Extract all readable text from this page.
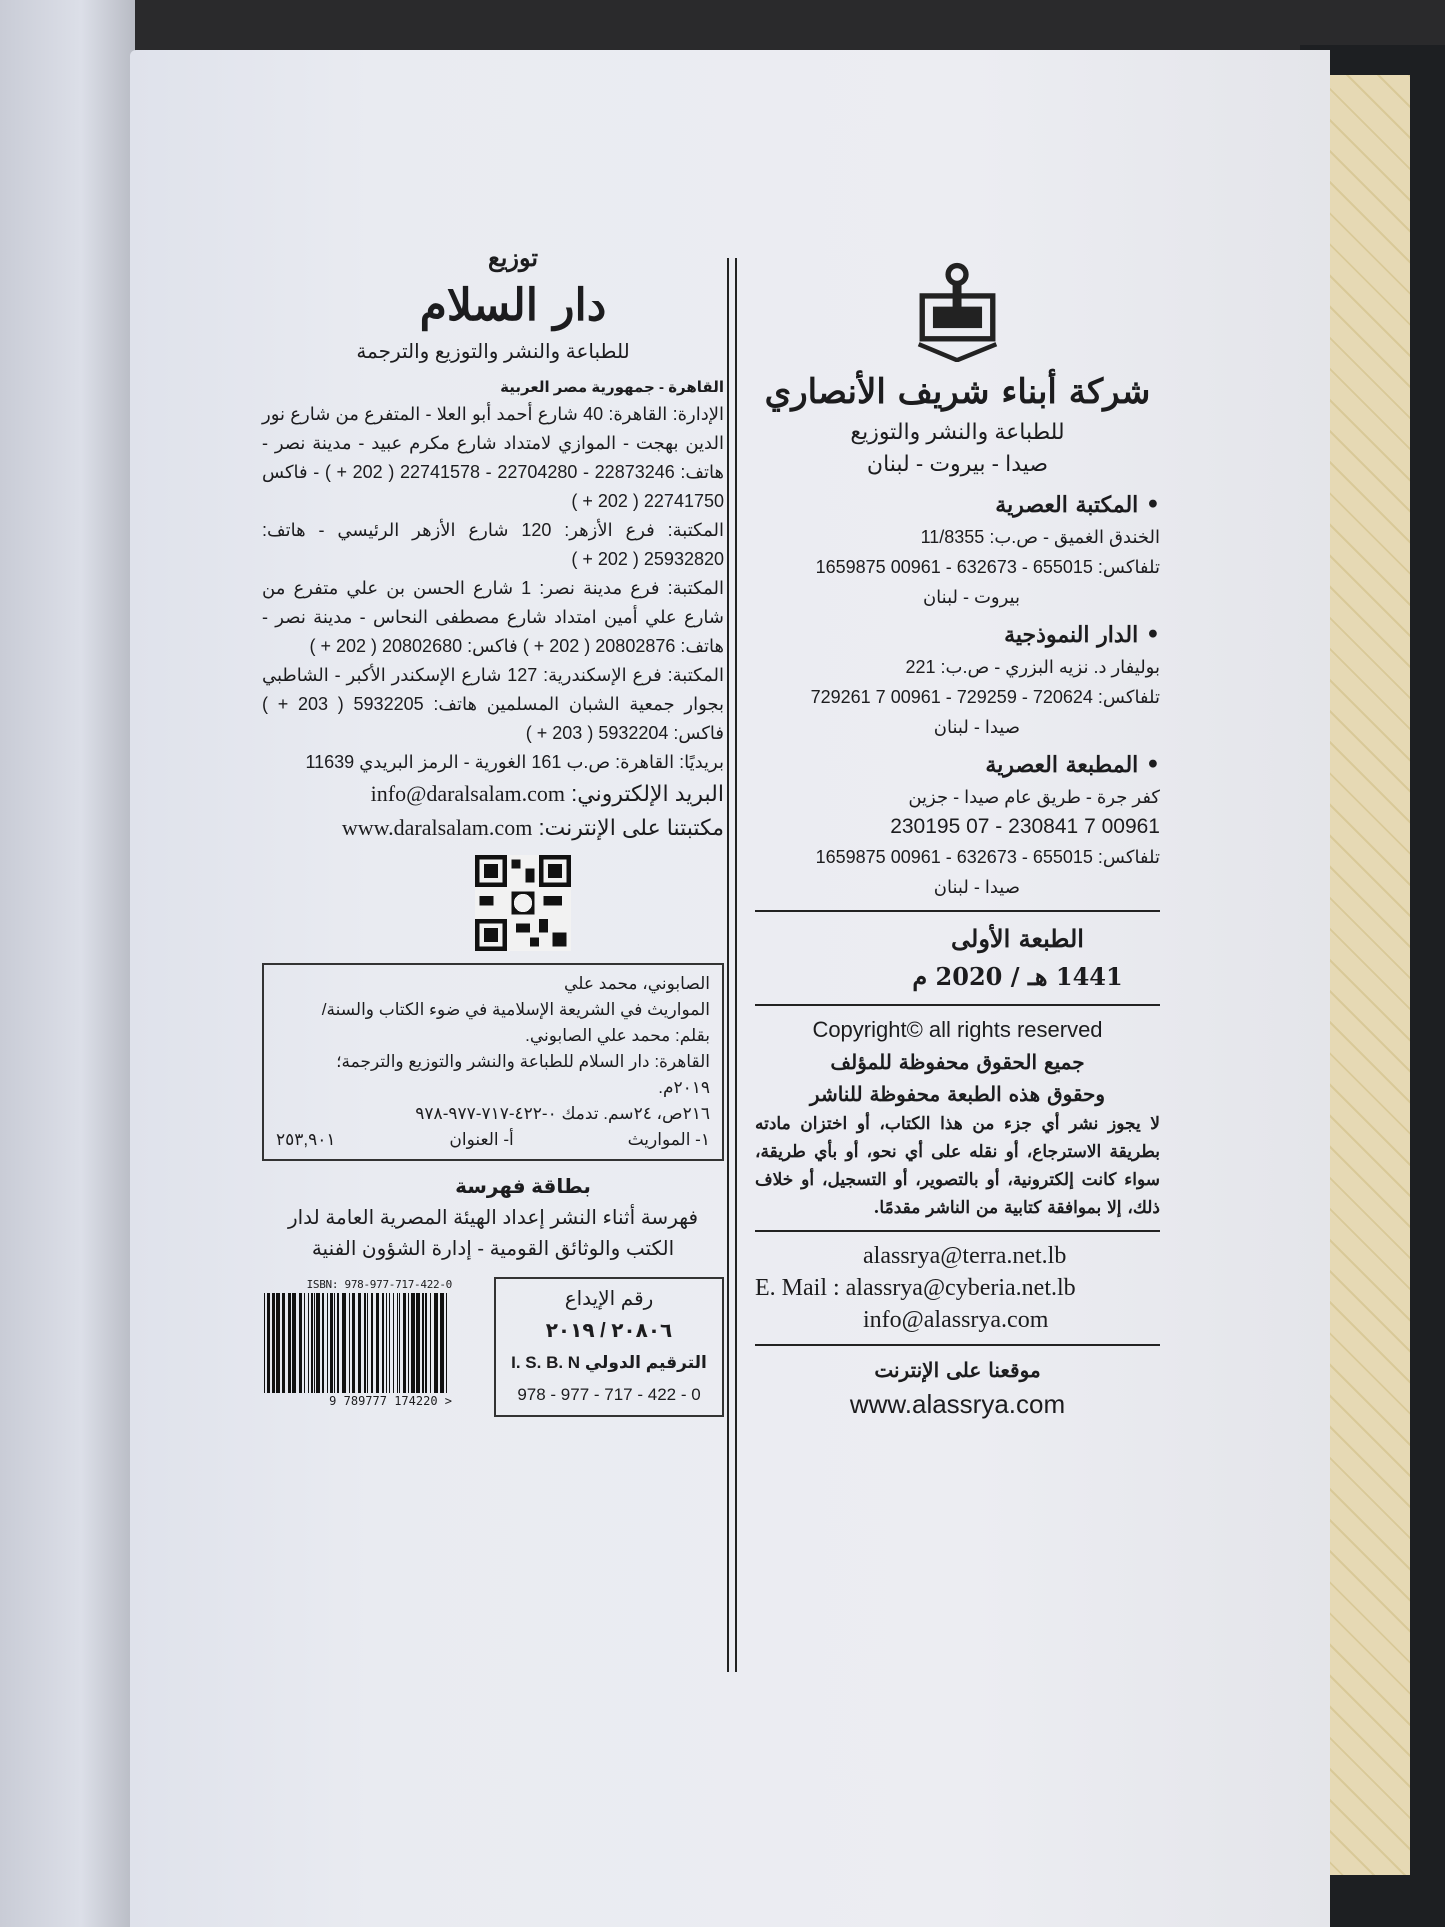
شركة أبناء شريف الأنصاري
للطباعة والنشر والتوزيع
صيدا - بيروت - لبنان
• المكتبة العصرية
الخندق الغميق - ص.ب: 11/8355
تلفاكس: 655015 - 632673 - 00961 1659875
بيروت - لبنان
• الدار النموذجية
بوليفار د. نزيه البزري - ص.ب: 221
تلفاكس: 720624 - 729259 - 00961 7 729261
صيدا - لبنان
• المطبعة العصرية
كفر جرة - طريق عام صيدا - جزين
00961 7 230841 - 07 230195
تلفاكس: 655015 - 632673 - 00961 1659875
صيدا - لبنان
الطبعة الأولى
1441 هـ / 2020 م
Copyright© all rights reserved
جميع الحقوق محفوظة للمؤلف
وحقوق هذه الطبعة محفوظة للناشر
لا يجوز نشر أي جزء من هذا الكتاب، أو اختزان مادته بطريقة الاسترجاع، أو نقله على أي نحو، أو بأي طريقة، سواء كانت إلكترونية، أو بالتصوير، أو التسجيل، أو خلاف ذلك، إلا بموافقة كتابية من الناشر مقدمًا.
alassrya@terra.net.lb
E. Mail : alassrya@cyberia.net.lb
info@alassrya.com
موقعنا على الإنترنت
www.alassrya.com
توزيع
دار السلام
للطباعة والنشر والتوزيع والترجمة
القاهرة - جمهورية مصر العربية
الإدارة: القاهرة: 40 شارع أحمد أبو العلا - المتفرع من شارع نور الدين بهجت - الموازي لامتداد شارع مكرم عبيد - مدينة نصر - هاتف: 22873246 - 22704280 - 22741578 ( 202 + ) - فاكس 22741750 ( 202 + )
المكتبة: فرع الأزهر: 120 شارع الأزهر الرئيسي - هاتف: 25932820 ( 202 + )
المكتبة: فرع مدينة نصر: 1 شارع الحسن بن علي متفرع من شارع علي أمين امتداد شارع مصطفى النحاس - مدينة نصر - هاتف: 20802876 ( 202 + ) فاكس: 20802680 ( 202 + )
المكتبة: فرع الإسكندرية: 127 شارع الإسكندر الأكبر - الشاطبي بجوار جمعية الشبان المسلمين هاتف: 5932205 ( 203 + ) فاكس: 5932204 ( 203 + )
بريديًا: القاهرة: ص.ب 161 الغورية - الرمز البريدي 11639
البريد الإلكتروني: info@daralsalam.com
مكتبتنا على الإنترنت: www.daralsalam.com
الصابوني، محمد علي
المواريث في الشريعة الإسلامية في ضوء الكتاب والسنة/
بقلم: محمد علي الصابوني.
القاهرة: دار السلام للطباعة والنشر والتوزيع والترجمة؛
٢٠١٩م.
٢١٦ص، ٢٤سم. تدمك ٠-٤٢٢-٧١٧-٩٧٧-٩٧٨
١- المواريث
أ- العنوان
٢٥٣,٩٠١
بطاقة فهرسة
فهرسة أثناء النشر إعداد الهيئة المصرية العامة لدار الكتب والوثائق القومية - إدارة الشؤون الفنية
رقم الإيداع
٢٠٨٠٦ / ٢٠١٩
الترقيم الدولي I. S. B. N
978 - 977 - 717 - 422 - 0
ISBN: 978-977-717-422-0
9 789777 174220 >
